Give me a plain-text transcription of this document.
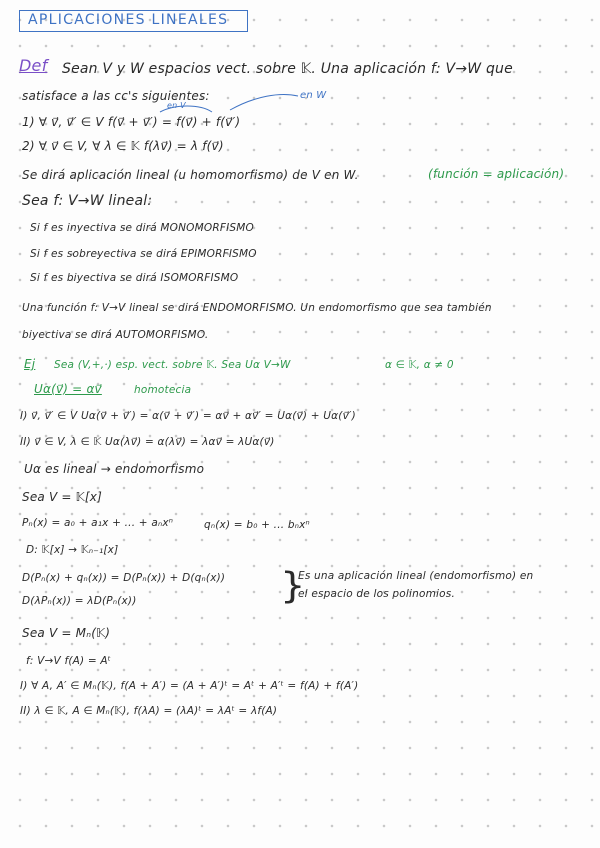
APLICACIONES LINEALES
Def Sean V y W espacios vect. sobre 𝕂. Una aplicación f: V→W que
satisface a las cc's siguientes:
en V
en W
1) ∀ v⃗, v⃗′ ∈ V f(v⃗ + v⃗′) = f(v⃗) + f(v⃗′)
2) ∀ v⃗ ∈ V, ∀ λ ∈ 𝕂 f(λv⃗) = λ f(v⃗)
Se dirá aplicación lineal (u homomorfismo) de V en W.	(función = aplicación)
Sea f: V→W lineal:
Si f es inyectiva se dirá MONOMORFISMO
Si f es sobreyectiva se dirá EPIMORFISMO
Si f es biyectiva se dirá ISOMORFISMO
Una función f: V→V lineal se dirá ENDOMORFISMO. Un endomorfismo que sea también
biyectiva se dirá AUTOMORFISMO.
Ej Sea (V,+,·) esp. vect. sobre 𝕂. Sea Uα V→W	α ∈ 𝕂, α ≠ 0
Uα(v⃗) = αv⃗	homotecia
I) v⃗, v⃗′ ∈ V Uα(v⃗ + v⃗′) = α(v⃗ + v⃗′) = αv⃗ + αv⃗′ = Uα(v⃗) + Uα(v⃗′)
II) v⃗ ∈ V, λ ∈ 𝕂 Uα(λv⃗) = α(λv⃗) = λαv⃗ = λUα(v⃗)
Uα es lineal → endomorfismo
Sea V = 𝕂[x]
Pₙ(x) = a₀ + a₁x + ... + aₙxⁿ	qₙ(x) = b₀ + ... bₙxⁿ
D: 𝕂[x] → 𝕂ₙ₋₁[x]
D(Pₙ(x) + qₙ(x)) = D(Pₙ(x)) + D(qₙ(x))
D(λPₙ(x)) = λD(Pₙ(x))	}
Es una aplicación lineal (endomorfismo) en
el espacio de los polinomios.
Sea V = Mₙ(𝕂)
f: V→V f(A) = Aᵗ
I) ∀ A, A′ ∈ Mₙ(𝕂), f(A + A′) = (A + A′)ᵗ = Aᵗ + A′ᵗ = f(A) + f(A′)
II) λ ∈ 𝕂, A ∈ Mₙ(𝕂), f(λA) = (λA)ᵗ = λAᵗ = λf(A)
